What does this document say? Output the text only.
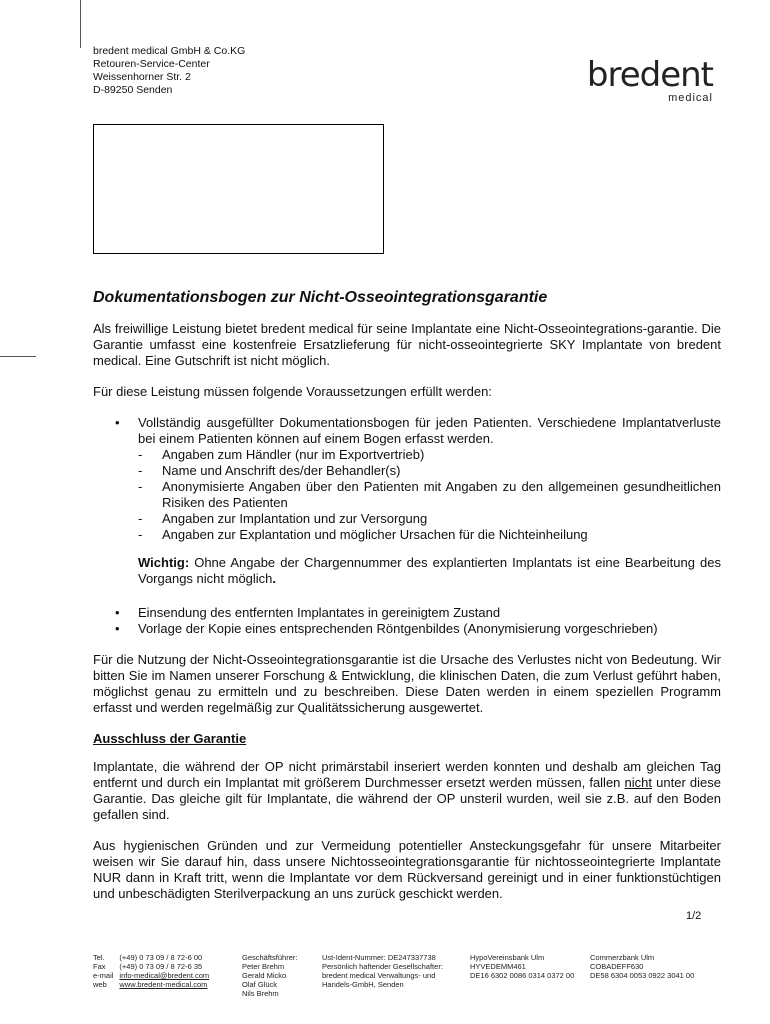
bredent medical GmbH & Co.KG
Retouren-Service-Center
Weissenhorner Str. 2
D-89250 Senden	bredent
medical
Dokumentationsbogen zur Nicht-Osseointegrationsgarantie

Als freiwillige Leistung bietet bredent medical für seine Implantate eine Nicht-Osseointegrations-garantie. Die Garantie umfasst eine kostenfreie Ersatzlieferung für nicht-osseointegrierte SKY Implantate von bredent medical. Eine Gutschrift ist nicht möglich.

Für diese Leistung müssen folgende Voraussetzungen erfüllt werden:

• Vollständig ausgefüllter Dokumentationsbogen für jeden Patienten. Verschiedene Implantatverluste bei einem Patienten können auf einem Bogen erfasst werden.
- Angaben zum Händler (nur im Exportvertrieb)
- Name und Anschrift des/der Behandler(s)
- Anonymisierte Angaben über den Patienten mit Angaben zu den allgemeinen gesundheitlichen Risiken des Patienten
- Angaben zur Implantation und zur Versorgung
- Angaben zur Explantation und möglicher Ursachen für die Nichteinheilung

Wichtig: Ohne Angabe der Chargennummer des explantierten Implantats ist eine Bearbeitung des Vorgangs nicht möglich.

• Einsendung des entfernten Implantates in gereinigtem Zustand
• Vorlage der Kopie eines entsprechenden Röntgenbildes (Anonymisierung vorgeschrieben)

Für die Nutzung der Nicht-Osseointegrationsgarantie ist die Ursache des Verlustes nicht von Bedeutung. Wir bitten Sie im Namen unserer Forschung & Entwicklung, die klinischen Daten, die zum Verlust geführt haben, möglichst genau zu ermitteln und zu beschreiben. Diese Daten werden in einem speziellen Programm erfasst und werden regelmäßig zur Qualitätssicherung ausgewertet.

Ausschluss der Garantie

Implantate, die während der OP nicht primärstabil inseriert werden konnten und deshalb am gleichen Tag entfernt und durch ein Implantat mit größerem Durchmesser ersetzt werden müssen, fallen nicht unter diese Garantie. Das gleiche gilt für Implantate, die während der OP unsteril wurden, weil sie z.B. auf den Boden gefallen sind.

Aus hygienischen Gründen und zur Vermeidung potentieller Ansteckungsgefahr für unsere Mitarbeiter weisen wir Sie darauf hin, dass unsere Nichtosseointegrationsgarantie für nichtosseointegrierte Implantate NUR dann in Kraft tritt, wenn die Implantate vor dem Rückversand gereinigt und in einer funktionstüchtigen und unbeschädigten Sterilverpackung an uns zurück geschickt werden.

1/2
Tel.	(+49) 0 73 09 / 8 72-6 00
Fax	(+49) 0 73 09 / 8 72-6 35
e-mail	info-medical@bredent.com
web	www.bredent-medical.com
Geschäftsführer:
Peter Brehm
Gerald Micko
Olaf Glück
Nils Brehm
Ust-Ident-Nummer: DE247337738
Persönlich haftender Gesellschafter:
bredent medical Verwaltungs- und
Handels-GmbH, Senden
HypoVereinsbank Ulm
HYVEDEMM461
DE16 6302 0086 0314 0372 00
Commerzbank Ulm
COBADEFF630
DE58 6304 0053 0922 3041 00
